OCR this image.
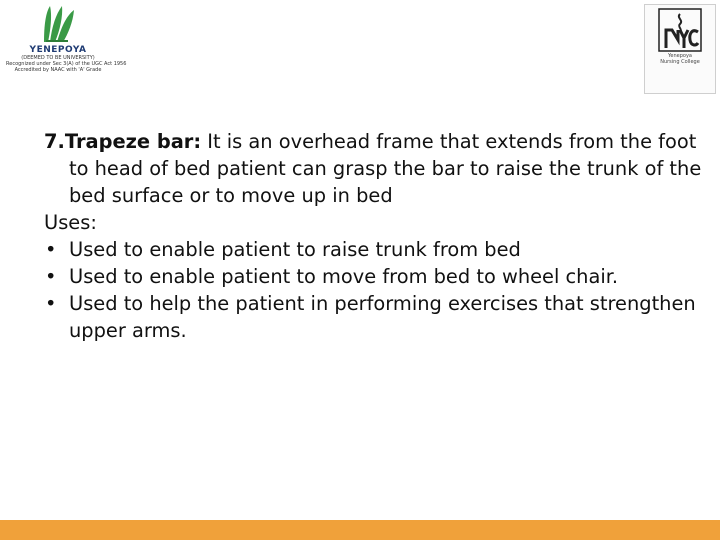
YENEPOYA
(DEEMED TO BE UNIVERSITY)
Recognized under Sec 3(A) of the UGC Act 1956
Accredited by NAAC with 'A' Grade
Yenepoya
Nursing College
7.Trapeze bar: It is an overhead frame that extends from the foot to head of bed patient can grasp the bar to raise the trunk of the bed surface or to move up in bed
Uses:
• Used to enable patient to raise trunk from bed
• Used to enable patient to move from bed to wheel chair.
• Used to help the patient in performing exercises that strengthen upper arms.
